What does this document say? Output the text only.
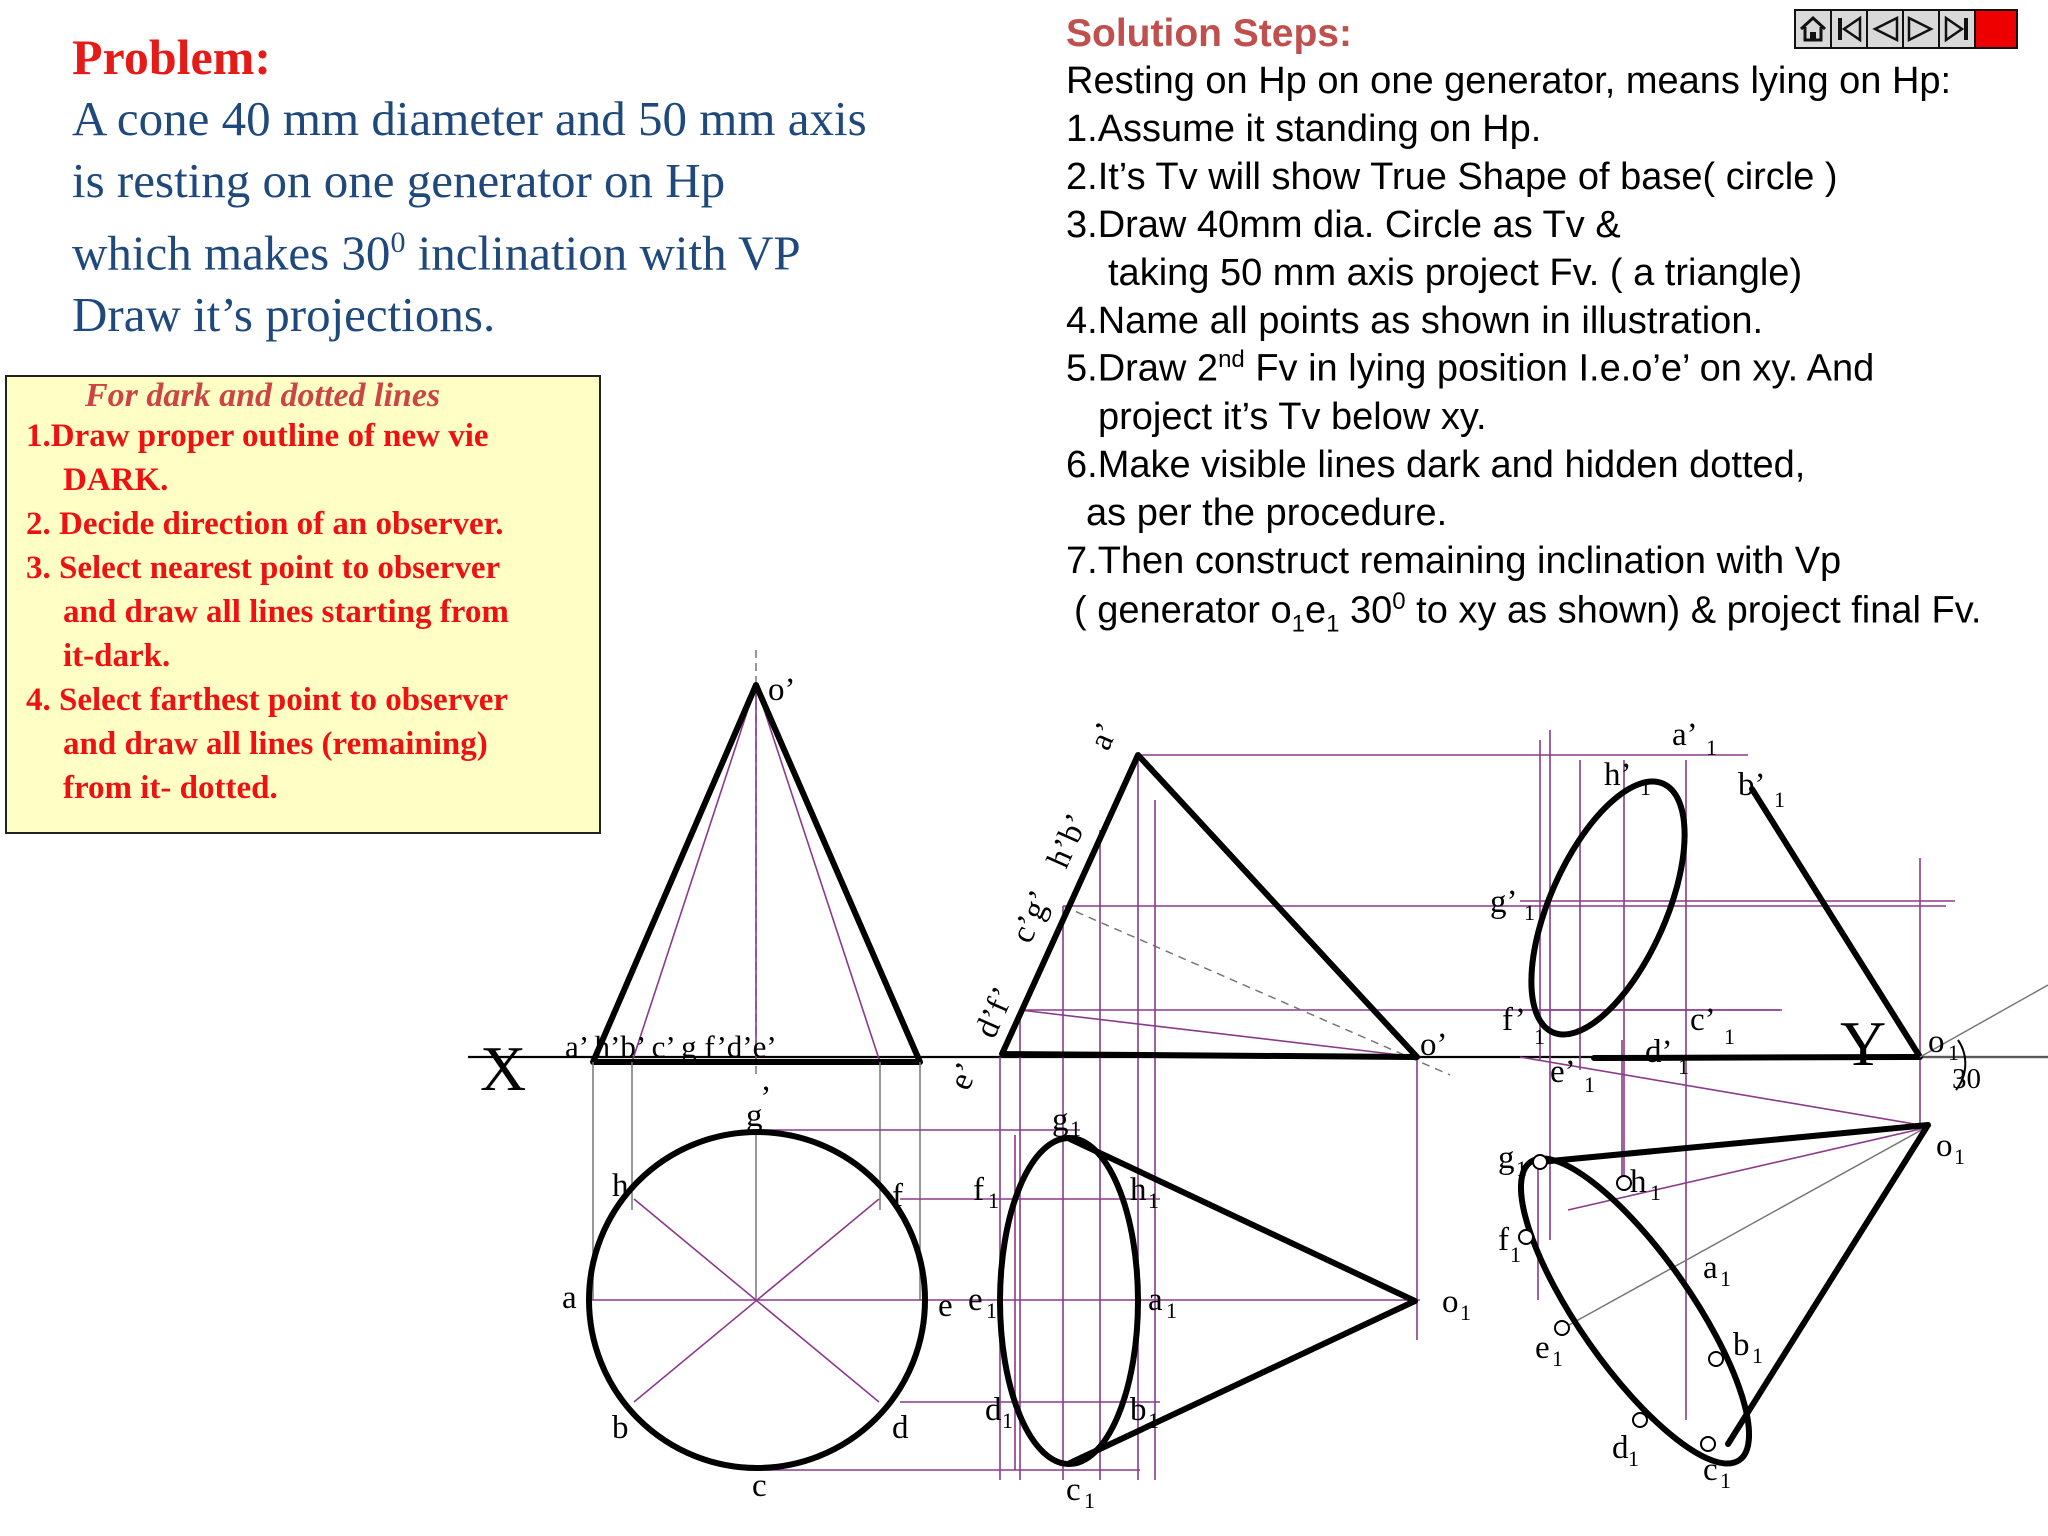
Problem:
A cone 40 mm diameter and 50 mm axis
is resting on one generator on Hp
which makes $30^0$ inclination with VP
Draw it’s projections.
For dark and dotted lines
1.Draw proper outline of new vie
DARK.
2. Decide direction of an observer.
3. Select nearest point to observer
and draw all lines starting from
it-dark.
4. Select farthest point to observer
and draw all lines (remaining)
from it- dotted.
Solution Steps:
Resting on Hp on one generator, means lying on Hp:
1.Assume it standing on Hp.
2.It’s Tv will show True Shape of base( circle )
3.Draw 40mm dia. Circle as Tv &
taking 50 mm axis project Fv. ( a triangle)
4.Name all points as shown in illustration.
5.Draw 2nd Fv in lying position I.e.o’e’ on xy. And
project it’s Tv below xy.
6.Make visible lines dark and hidden dotted,
as per the procedure.
7.Then construct remaining inclination with Vp
( generator $o_1e_1$ $30^0$ to xy as shown) & project final Fv.
X	Y
o’
a’ h’b’ c’ g f’d’e’
,
g
h	f
a	e
b	d
c
a’
h’b’
c’g’
d’f’
e’
o’
g 1
f 1	h 1
e 1	a 1
d 1	b 1
c 1
o 1
a’ 1
h’ 1	b’ 1
g’ 1
f’ 1	c’ 1
e’ 1
d’ 1
o 1
30
g 1	h 1
f 1	a 1
e 1	b 1
d 1 c 1
o 1
